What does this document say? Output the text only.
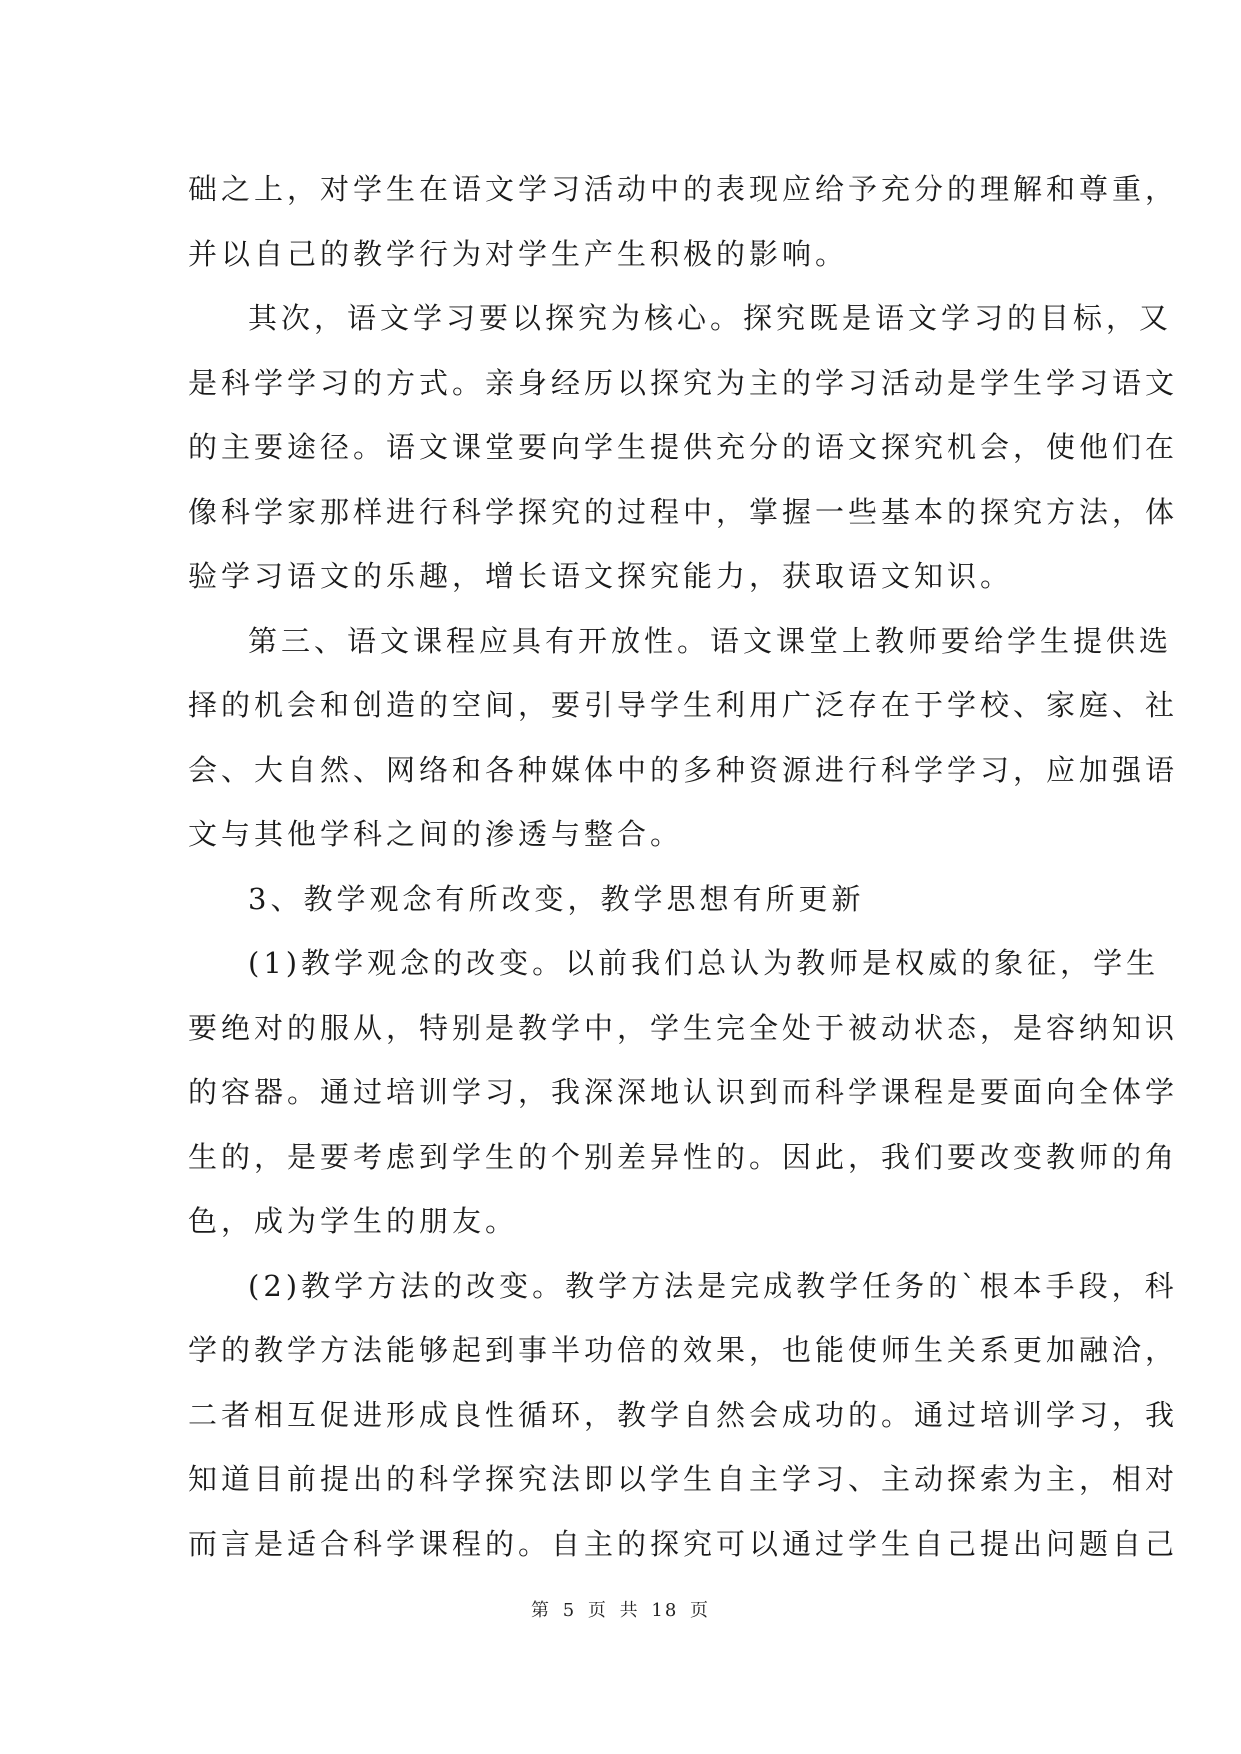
础之上，对学生在语文学习活动中的表现应给予充分的理解和尊重，
并以自己的教学行为对学生产生积极的影响。
其次，语文学习要以探究为核心。探究既是语文学习的目标，又
是科学学习的方式。亲身经历以探究为主的学习活动是学生学习语文
的主要途径。语文课堂要向学生提供充分的语文探究机会，使他们在
像科学家那样进行科学探究的过程中，掌握一些基本的探究方法，体
验学习语文的乐趣，增长语文探究能力，获取语文知识。
第三、语文课程应具有开放性。语文课堂上教师要给学生提供选
择的机会和创造的空间，要引导学生利用广泛存在于学校、家庭、社
会、大自然、网络和各种媒体中的多种资源进行科学学习，应加强语
文与其他学科之间的渗透与整合。
3、教学观念有所改变，教学思想有所更新
(1)教学观念的改变。以前我们总认为教师是权威的象征，学生
要绝对的服从，特别是教学中，学生完全处于被动状态，是容纳知识
的容器。通过培训学习，我深深地认识到而科学课程是要面向全体学
生的，是要考虑到学生的个别差异性的。因此，我们要改变教师的角
色，成为学生的朋友。
(2)教学方法的改变。教学方法是完成教学任务的`根本手段，科
学的教学方法能够起到事半功倍的效果，也能使师生关系更加融洽，
二者相互促进形成良性循环，教学自然会成功的。通过培训学习，我
知道目前提出的科学探究法即以学生自主学习、主动探索为主，相对
而言是适合科学课程的。自主的探究可以通过学生自己提出问题自己
第 5 页 共 18 页
